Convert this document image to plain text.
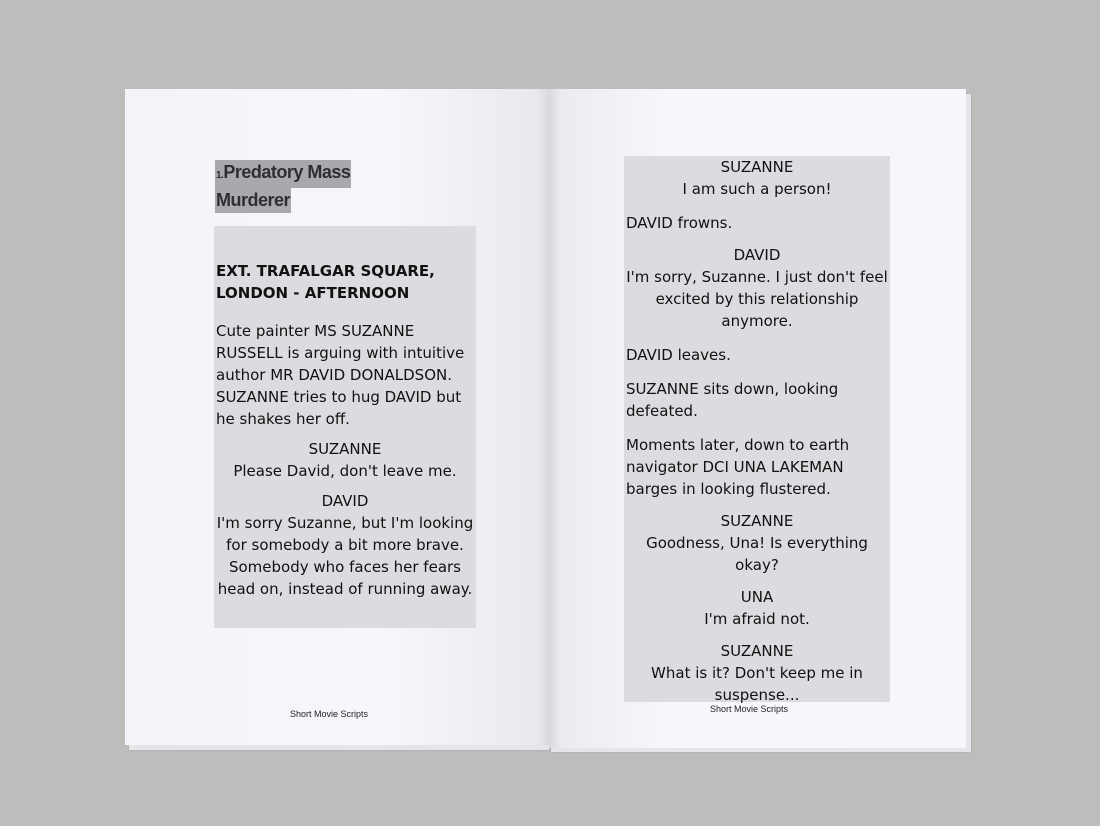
1.Predatory Mass
Murderer
EXT. TRAFALGAR SQUARE, LONDON - AFTERNOON
Cute painter MS SUZANNE RUSSELL is arguing with intuitive author MR DAVID DONALDSON. SUZANNE tries to hug DAVID but he shakes her off.
SUZANNE
Please David, don't leave me.
DAVID
I'm sorry Suzanne, but I'm looking for somebody a bit more brave. Somebody who faces her fears head on, instead of running away.
Short Movie Scripts
SUZANNE
I am such a person!
DAVID frowns.
DAVID
I'm sorry, Suzanne. I just don't feel excited by this relationship anymore.
DAVID leaves.
SUZANNE sits down, looking defeated.
Moments later, down to earth navigator DCI UNA LAKEMAN barges in looking flustered.
SUZANNE
Goodness, Una! Is everything okay?
UNA
I'm afraid not.
SUZANNE
What is it? Don't keep me in suspense...
Short Movie Scripts
